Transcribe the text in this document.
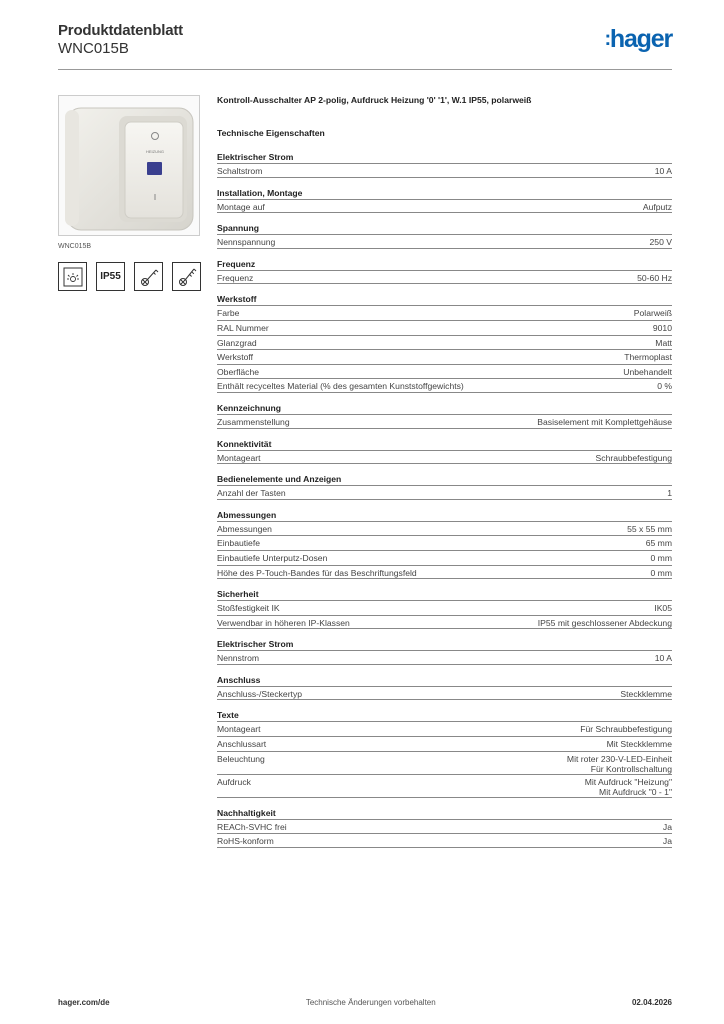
Produktdatenblatt
WNC015B	:hager
HEIZUNG
WNC015B
IP55
Kontroll-Ausschalter AP 2-polig, Aufdruck Heizung '0' '1', W.1 IP55, polarweiß
Technische Eigenschaften
Elektrischer Strom
Schaltstrom	10 A
Installation, Montage
Montage auf	Aufputz
Spannung
Nennspannung	250 V
Frequenz
Frequenz	50-60 Hz
Werkstoff
Farbe	Polarweiß
RAL Nummer	9010
Glanzgrad	Matt
Werkstoff	Thermoplast
Oberfläche	Unbehandelt
Enthält recyceltes Material (% des gesamten Kunststoffgewichts)	0 %
Kennzeichnung
Zusammenstellung	Basiselement mit Komplettgehäuse
Konnektivität
Montageart	Schraubbefestigung
Bedienelemente und Anzeigen
Anzahl der Tasten	1
Abmessungen
Abmessungen	55 x 55 mm
Einbautiefe	65 mm
Einbautiefe Unterputz-Dosen	0 mm
Höhe des P-Touch-Bandes für das Beschriftungsfeld	0 mm
Sicherheit
Stoßfestigkeit IK	IK05
Verwendbar in höheren IP-Klassen	IP55 mit geschlossener Abdeckung
Elektrischer Strom
Nennstrom	10 A
Anschluss
Anschluss-/Steckertyp	Steckklemme
Texte
Montageart	Für Schraubbefestigung
Anschlussart	Mit Steckklemme
Beleuchtung	Mit roter 230-V-LED-Einheit
Für Kontrollschaltung
Aufdruck	Mit Aufdruck "Heizung"
Mit Aufdruck "0 - 1"
Nachhaltigkeit
REACh-SVHC frei	Ja
RoHS-konform	Ja
hager.com/de	Technische Änderungen vorbehalten	02.04.2026
